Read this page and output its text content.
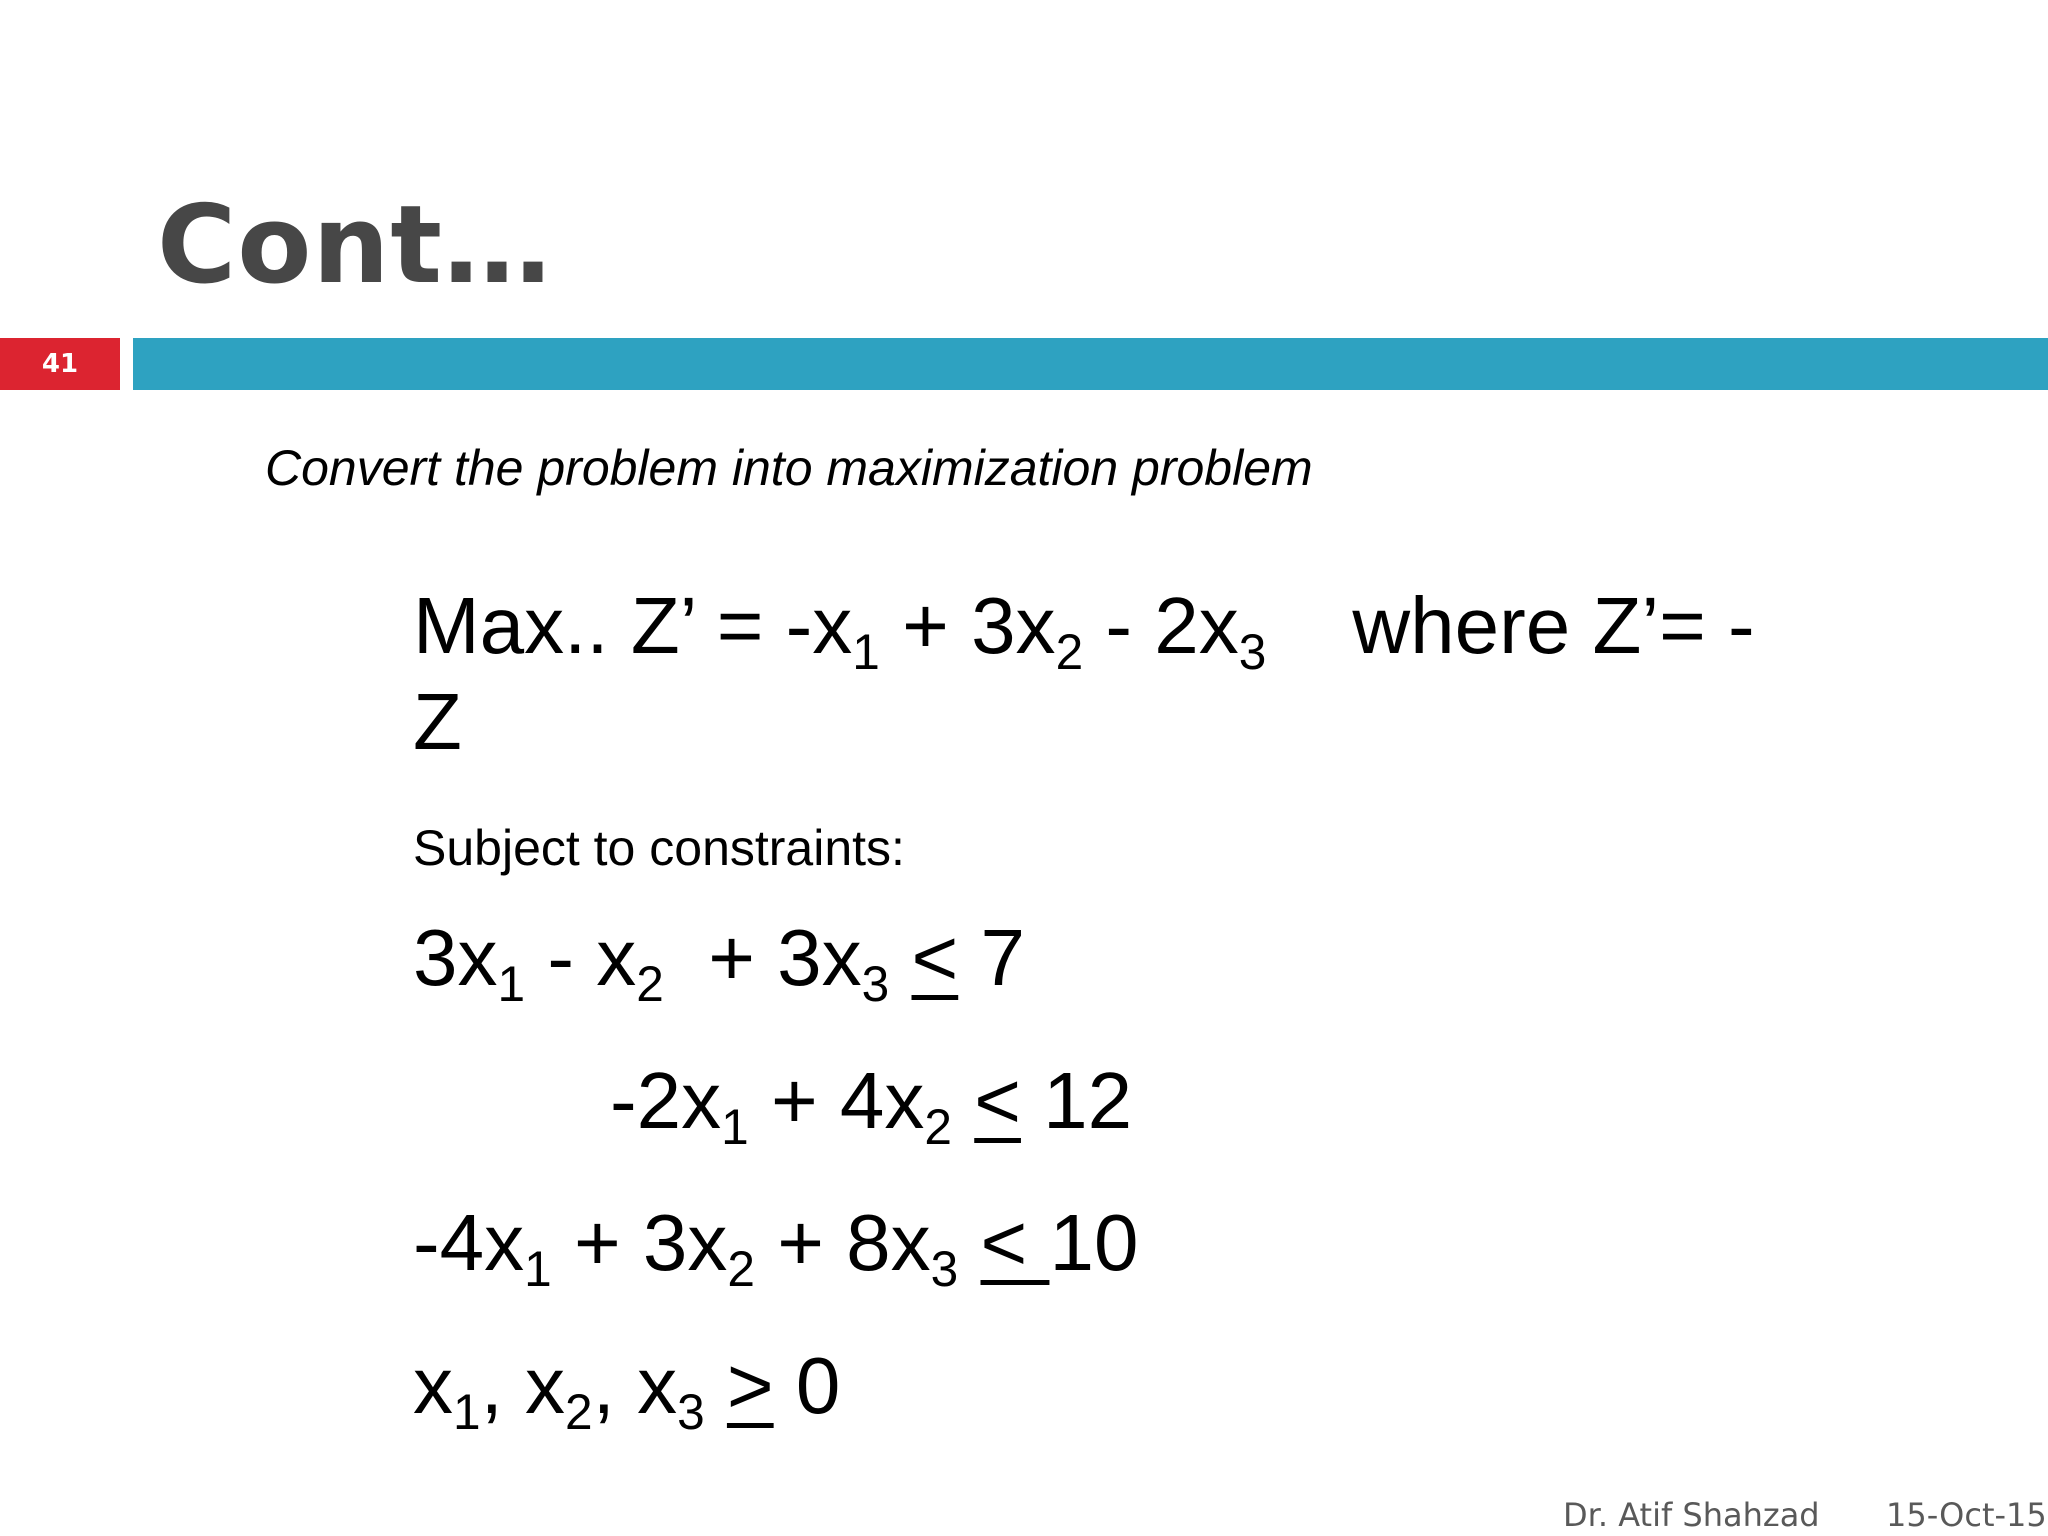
Cont…
41
Convert the problem into maximization problem
Max.. Z’ = $-x_1 + 3x_2 - 2x_3$ where Z’= -Z
Subject to constraints:
$3x_1 - x_2 + 3x_3 < 7$
$-2x_1 + 4x_2 < 12$
$-4x_1 + 3x_2 + 8x_3 < 10$
$x_1$, $x_2$, $x_3 > 0$
Dr. Atif Shahzad 15-Oct-15
